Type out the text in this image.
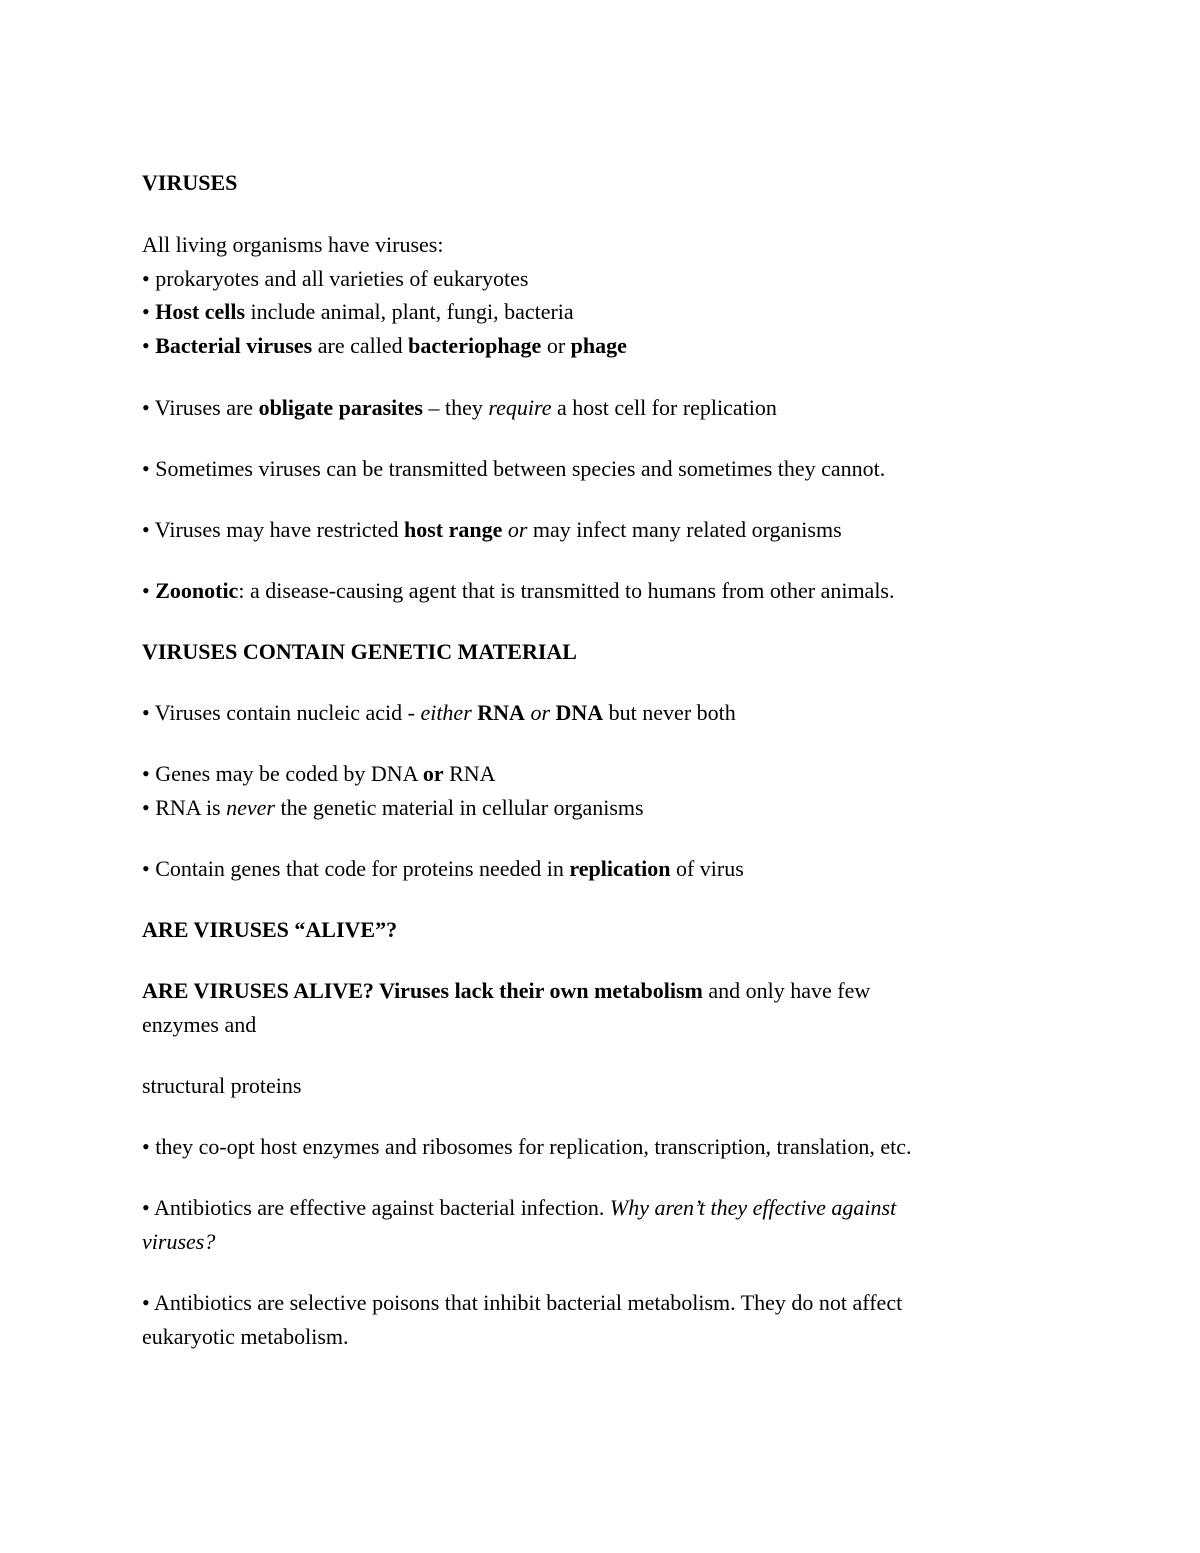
VIRUSES

All living organisms have viruses:

• prokaryotes and all varieties of eukaryotes

• Host cells include animal, plant, fungi, bacteria

• Bacterial viruses are called bacteriophage or phage

• Viruses are obligate parasites – they require a host cell for replication

• Sometimes viruses can be transmitted between species and sometimes they cannot.

• Viruses may have restricted host range or may infect many related organisms

• Zoonotic: a disease-causing agent that is transmitted to humans from other animals.

VIRUSES CONTAIN GENETIC MATERIAL

• Viruses contain nucleic acid - either RNA or DNA but never both

• Genes may be coded by DNA or RNA

• RNA is never the genetic material in cellular organisms

• Contain genes that code for proteins needed in replication of virus

ARE VIRUSES “ALIVE”?

ARE VIRUSES ALIVE? Viruses lack their own metabolism and only have few

enzymes and

structural proteins

• they co-opt host enzymes and ribosomes for replication, transcription, translation, etc.

• Antibiotics are effective against bacterial infection. Why aren’t they effective against

viruses?

• Antibiotics are selective poisons that inhibit bacterial metabolism. They do not affect

eukaryotic metabolism.
